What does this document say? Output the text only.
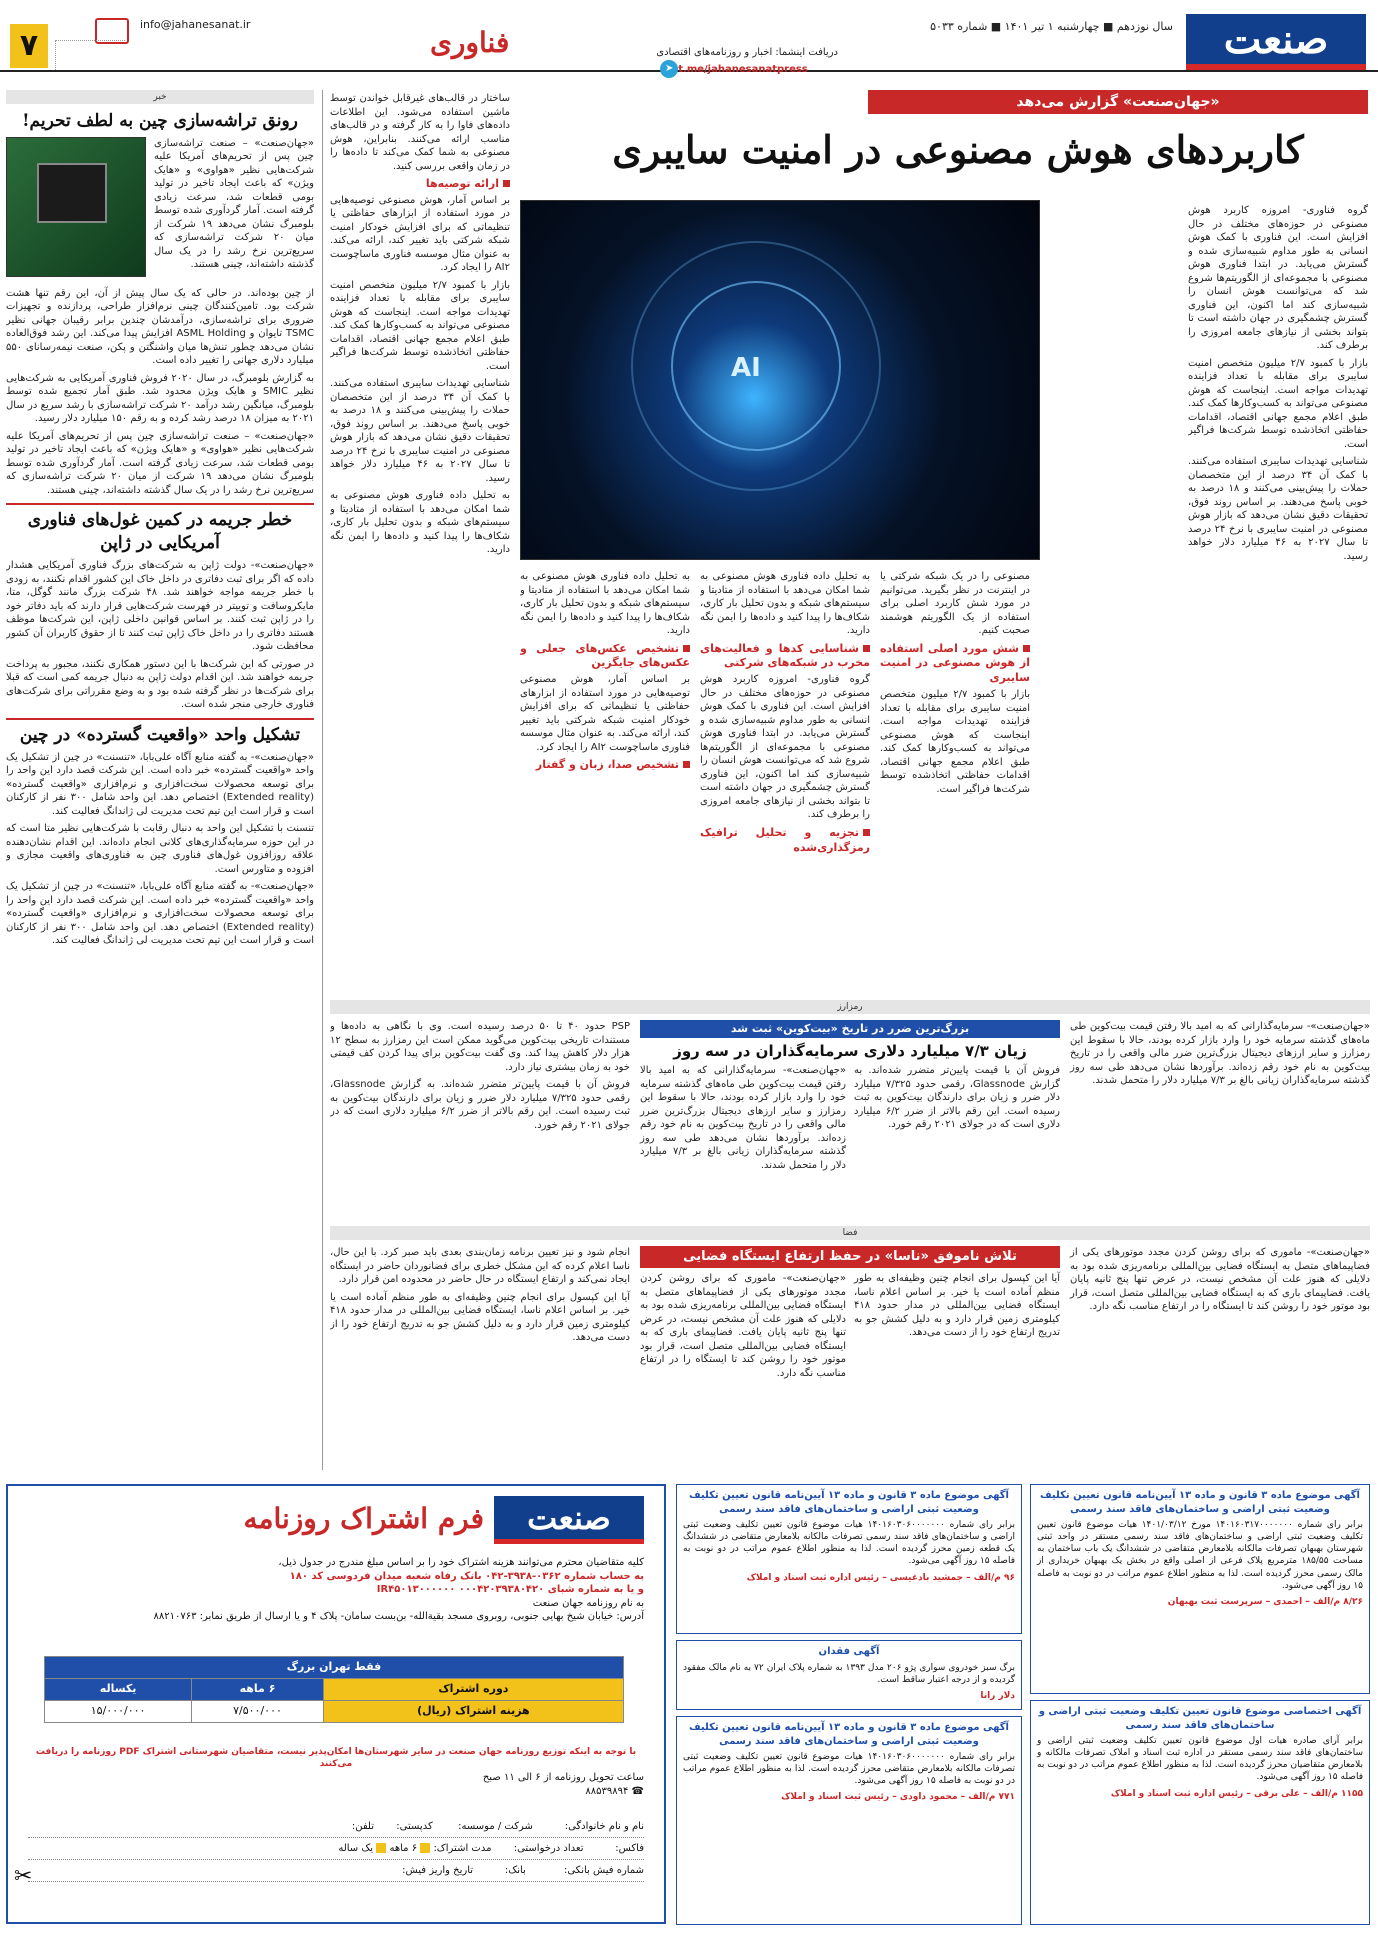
صنعت
سال نوزدهم ■ چهارشنبه ۱ تیر ۱۴۰۱ ■ شماره ۵۰۳۳
دریافت اینشما: اخبار و روزنامه‌های اقتصادی
➤ t.me/jahanesanatpress
فناوری
info@jahanesanat.ir
۷
«جهان‌صنعت» گزارش می‌دهد
کاربردهای هوش مصنوعی در امنیت سایبری
AI

گروه فناوری- امروزه کاربرد هوش مصنوعی در حوزه‌های مختلف در حال افزایش است. این فناوری با کمک هوش انسانی به طور مداوم شبیه‌سازی شده و گسترش می‌یابد. در ابتدا فناوری هوش مصنوعی با مجموعه‌ای از الگوریتم‌ها شروع شد که می‌توانست هوش انسان را شبیه‌سازی کند اما اکنون، این فناوری گسترش چشمگیری در جهان داشته است تا بتواند بخشی از نیازهای جامعه امروزی را برطرف کند.

بازار با کمبود ۲/۷ میلیون متخصص امنیت سایبری برای مقابله با تعداد فزاینده تهدیدات مواجه است. اینجاست که هوش مصنوعی می‌تواند به کسب‌وکارها کمک کند. طبق اعلام مجمع جهانی اقتصاد، اقدامات حفاظتی اتخاذشده توسط شرکت‌ها فراگیر است.

شناسایی تهدیدات سایبری استفاده می‌کنند. با کمک آن ۳۴ درصد از این متخصصان حملات را پیش‌بینی می‌کنند و ۱۸ درصد به خوبی پاسخ می‌دهند. بر اساس روند فوق، تحقیقات دقیق نشان می‌دهد که بازار هوش مصنوعی در امنیت سایبری با نرخ ۲۴ درصد تا سال ۲۰۲۷ به ۴۶ میلیارد دلار خواهد رسید.

مصنوعی را در یک شبکه شرکتی یا در اینترنت در نظر بگیرید. می‌توانیم در مورد شش کاربرد اصلی برای استفاده از یک الگوریتم هوشمند صحبت کنیم.

شش مورد اصلی استفاده از هوش مصنوعی در امنیت سایبری

بازار با کمبود ۲/۷ میلیون متخصص امنیت سایبری برای مقابله با تعداد فزاینده تهدیدات مواجه است. اینجاست که هوش مصنوعی می‌تواند به کسب‌وکارها کمک کند. طبق اعلام مجمع جهانی اقتصاد، اقدامات حفاظتی اتخاذشده توسط شرکت‌ها فراگیر است.

به تحلیل داده فناوری هوش مصنوعی به شما امکان می‌دهد با استفاده از متادیتا و سیستم‌های شبکه و بدون تحلیل بار کاری، شکاف‌ها را پیدا کنید و داده‌ها را ایمن نگه دارید.

شناسایی کدها و فعالیت‌های مخرب در شبکه‌های شرکتی

گروه فناوری- امروزه کاربرد هوش مصنوعی در حوزه‌های مختلف در حال افزایش است. این فناوری با کمک هوش انسانی به طور مداوم شبیه‌سازی شده و گسترش می‌یابد. در ابتدا فناوری هوش مصنوعی با مجموعه‌ای از الگوریتم‌ها شروع شد که می‌توانست هوش انسان را شبیه‌سازی کند اما اکنون، این فناوری گسترش چشمگیری در جهان داشته است تا بتواند بخشی از نیازهای جامعه امروزی را برطرف کند.

تجزیه و تحلیل ترافیک رمزگذاری‌شده

به تحلیل داده فناوری هوش مصنوعی به شما امکان می‌دهد با استفاده از متادیتا و سیستم‌های شبکه و بدون تحلیل بار کاری، شکاف‌ها را پیدا کنید و داده‌ها را ایمن نگه دارید.

تشخیص عکس‌های جعلی و عکس‌های جایگزین

بر اساس آمار، هوش مصنوعی توصیه‌هایی در مورد استفاده از ابزارهای حفاظتی یا تنظیماتی که برای افزایش خودکار امنیت شبکه شرکتی باید تغییر کند، ارائه می‌کند. به عنوان مثال موسسه فناوری ماساچوست AI۲ را ایجاد کرد.

تشخیص صدا، زبان و گفتار

ساختار در قالب‌های غیرقابل خواندن توسط ماشین استفاده می‌شود. این اطلاعات داده‌های فاوا را به کار گرفته و در قالب‌های مناسب ارائه می‌کنند. بنابراین، هوش مصنوعی به شما کمک می‌کند تا داده‌ها را در زمان واقعی بررسی کنید.

ارائه توصیه‌ها

بر اساس آمار، هوش مصنوعی توصیه‌هایی در مورد استفاده از ابزارهای حفاظتی یا تنظیماتی که برای افزایش خودکار امنیت شبکه شرکتی باید تغییر کند، ارائه می‌کند. به عنوان مثال موسسه فناوری ماساچوست AI۲ را ایجاد کرد.

بازار با کمبود ۲/۷ میلیون متخصص امنیت سایبری برای مقابله با تعداد فزاینده تهدیدات مواجه است. اینجاست که هوش مصنوعی می‌تواند به کسب‌وکارها کمک کند. طبق اعلام مجمع جهانی اقتصاد، اقدامات حفاظتی اتخاذشده توسط شرکت‌ها فراگیر است.

شناسایی تهدیدات سایبری استفاده می‌کنند. با کمک آن ۳۴ درصد از این متخصصان حملات را پیش‌بینی می‌کنند و ۱۸ درصد به خوبی پاسخ می‌دهند. بر اساس روند فوق، تحقیقات دقیق نشان می‌دهد که بازار هوش مصنوعی در امنیت سایبری با نرخ ۲۴ درصد تا سال ۲۰۲۷ به ۴۶ میلیارد دلار خواهد رسید.

به تحلیل داده فناوری هوش مصنوعی به شما امکان می‌دهد با استفاده از متادیتا و سیستم‌های شبکه و بدون تحلیل بار کاری، شکاف‌ها را پیدا کنید و داده‌ها را ایمن نگه دارید.

خبر
رونق تراشه‌سازی چین به لطف تحریم!

«جهان‌صنعت» – صنعت تراشه‌سازی چین پس از تحریم‌های آمریکا علیه شرکت‌هایی نظیر «هواوی» و «هایک ویژن» که باعث ایجاد تاخیر در تولید بومی قطعات شد، سرعت زیادی گرفته است. آمار گردآوری شده توسط بلومبرگ نشان می‌دهد ۱۹ شرکت از میان ۲۰ شرکت تراشه‌سازی که سریع‌ترین نرخ رشد را در یک سال گذشته داشته‌اند، چینی هستند.

از چین بوده‌اند. در حالی که یک سال پیش از آن، این رقم تنها هشت شرکت بود. تامین‌کنندگان چینی نرم‌افزار طراحی، پردازنده و تجهیزات ضروری برای تراشه‌سازی، درآمدشان چندین برابر رقیبان جهانی نظیر TSMC تایوان و ASML Holding افزایش پیدا می‌کند. این رشد فوق‌العاده نشان می‌دهد چطور تنش‌ها میان واشنگتن و پکن، صنعت نیمه‌رسانای ۵۵۰ میلیارد دلاری جهانی را تغییر داده است.

به گزارش بلومبرگ، در سال ۲۰۲۰ فروش فناوری آمریکایی به شرکت‌هایی نظیر SMIC و هایک ویژن محدود شد. طبق آمار تجمیع شده توسط بلومبرگ، میانگین رشد درآمد ۲۰ شرکت تراشه‌سازی با رشد سریع در سال ۲۰۲۱ به میزان ۱۸ درصد رشد کرده و به رقم ۱۵۰ میلیارد دلار رسید.

«جهان‌صنعت» – صنعت تراشه‌سازی چین پس از تحریم‌های آمریکا علیه شرکت‌هایی نظیر «هواوی» و «هایک ویژن» که باعث ایجاد تاخیر در تولید بومی قطعات شد، سرعت زیادی گرفته است. آمار گردآوری شده توسط بلومبرگ نشان می‌دهد ۱۹ شرکت از میان ۲۰ شرکت تراشه‌سازی که سریع‌ترین نرخ رشد را در یک سال گذشته داشته‌اند، چینی هستند.

خطر جریمه در کمین غول‌های فناوری آمریکایی در ژاپن

«جهان‌صنعت»- دولت ژاپن به شرکت‌های بزرگ فناوری آمریکایی هشدار داده که اگر برای ثبت دفاتری در داخل خاک این کشور اقدام نکنند، به زودی با خطر جریمه مواجه خواهند شد. ۴۸ شرکت بزرگ مانند گوگل، متا، مایکروسافت و توییتر در فهرست شرکت‌هایی قرار دارند که باید دفاتر خود را در ژاپن ثبت کنند. بر اساس قوانین داخلی ژاپن، این شرکت‌ها موظف هستند دفاتری را در داخل خاک ژاپن ثبت کنند تا از حقوق کاربران آن کشور محافظت شود.

در صورتی که این شرکت‌ها با این دستور همکاری نکنند، مجبور به پرداخت جریمه خواهند شد. این اقدام دولت ژاپن به دنبال جریمه کمی است که قبلا برای شرکت‌ها در نظر گرفته شده بود و به وضع مقرراتی برای شرکت‌های فناوری خارجی منجر شده است.

تشکیل واحد «واقعیت گسترده» در چین

«جهان‌صنعت»- به گفته منابع آگاه علی‌بابا، «تنسنت» در چین از تشکیل یک واحد «واقعیت گسترده» خبر داده است. این شرکت قصد دارد این واحد را برای توسعه محصولات سخت‌افزاری و نرم‌افزاری «واقعیت گسترده» (Extended reality) اختصاص دهد. این واحد شامل ۳۰۰ نفر از کارکنان است و قرار است این تیم تحت مدیریت لی ژاندانگ فعالیت کند.

تنسنت با تشکیل این واحد به دنبال رقابت با شرکت‌هایی نظیر متا است که در این حوزه سرمایه‌گذاری‌های کلانی انجام داده‌اند. این اقدام نشان‌دهنده علاقه روزافزون غول‌های فناوری چین به فناوری‌های واقعیت مجازی و افزوده و متاورس است.

«جهان‌صنعت»- به گفته منابع آگاه علی‌بابا، «تنسنت» در چین از تشکیل یک واحد «واقعیت گسترده» خبر داده است. این شرکت قصد دارد این واحد را برای توسعه محصولات سخت‌افزاری و نرم‌افزاری «واقعیت گسترده» (Extended reality) اختصاص دهد. این واحد شامل ۳۰۰ نفر از کارکنان است و قرار است این تیم تحت مدیریت لی ژاندانگ فعالیت کند.

رمزارز

«جهان‌صنعت»- سرمایه‌گذارانی که به امید بالا رفتن قیمت بیت‌کوین طی ماه‌های گذشته سرمایه خود را وارد بازار کرده بودند، حالا با سقوط این رمزارز و سایر ارزهای دیجیتال بزرگ‌ترین ضرر مالی واقعی را در تاریخ بیت‌کوین به نام خود رقم زده‌اند. برآوردها نشان می‌دهد طی سه روز گذشته سرمایه‌گذاران زیانی بالغ بر ۷/۳ میلیارد دلار را متحمل شدند.

بزرگ‌ترین ضرر در تاریخ «بیت‌کوین» ثبت شد
زیان ۷/۳ میلیارد دلاری سرمایه‌گذاران در سه روز

فروش آن با قیمت پایین‌تر متضرر شده‌اند. به گزارش Glassnode، رقمی حدود ۷/۳۲۵ میلیارد دلار ضرر و زیان برای دارندگان بیت‌کوین به ثبت رسیده است. این رقم بالاتر از ضرر ۶/۲ میلیارد دلاری است که در جولای ۲۰۲۱ رقم خورد.

«جهان‌صنعت»- سرمایه‌گذارانی که به امید بالا رفتن قیمت بیت‌کوین طی ماه‌های گذشته سرمایه خود را وارد بازار کرده بودند، حالا با سقوط این رمزارز و سایر ارزهای دیجیتال بزرگ‌ترین ضرر مالی واقعی را در تاریخ بیت‌کوین به نام خود رقم زده‌اند. برآوردها نشان می‌دهد طی سه روز گذشته سرمایه‌گذاران زیانی بالغ بر ۷/۳ میلیارد دلار را متحمل شدند.

PSP حدود ۴۰ تا ۵۰ درصد رسیده است. وی با نگاهی به داده‌ها و مستندات تاریخی بیت‌کوین می‌گوید ممکن است این رمزارز به سطح ۱۲ هزار دلار کاهش پیدا کند. وی گفت بیت‌کوین برای پیدا کردن کف قیمتی خود به زمان بیشتری نیاز دارد.

فروش آن با قیمت پایین‌تر متضرر شده‌اند. به گزارش Glassnode، رقمی حدود ۷/۳۲۵ میلیارد دلار ضرر و زیان برای دارندگان بیت‌کوین به ثبت رسیده است. این رقم بالاتر از ضرر ۶/۲ میلیارد دلاری است که در جولای ۲۰۲۱ رقم خورد.

فضا

«جهان‌صنعت»- ماموری که برای روشن کردن مجدد موتورهای یکی از فضاپیماهای متصل به ایستگاه فضایی بین‌المللی برنامه‌ریزی شده بود به دلایلی که هنوز علت آن مشخص نیست، در عرض تنها پنج ثانیه پایان یافت. فضاپیمای باری که به ایستگاه فضایی بین‌المللی متصل است، قرار بود موتور خود را روشن کند تا ایستگاه را در ارتفاع مناسب نگه دارد.

تلاش ناموفق «ناسا» در حفظ ارتفاع ایستگاه فضایی

آیا این کپسول برای انجام چنین وظیفه‌ای به طور منظم آماده است یا خیر. بر اساس اعلام ناسا، ایستگاه فضایی بین‌المللی در مدار حدود ۴۱۸ کیلومتری زمین قرار دارد و به دلیل کشش جو به تدریج ارتفاع خود را از دست می‌دهد.

«جهان‌صنعت»- ماموری که برای روشن کردن مجدد موتورهای یکی از فضاپیماهای متصل به ایستگاه فضایی بین‌المللی برنامه‌ریزی شده بود به دلایلی که هنوز علت آن مشخص نیست، در عرض تنها پنج ثانیه پایان یافت. فضاپیمای باری که به ایستگاه فضایی بین‌المللی متصل است، قرار بود موتور خود را روشن کند تا ایستگاه را در ارتفاع مناسب نگه دارد.

انجام شود و نیز تعیین برنامه زمان‌بندی بعدی باید صبر کرد. با این حال، ناسا اعلام کرده که این مشکل خطری برای فضانوردان حاضر در ایستگاه ایجاد نمی‌کند و ارتفاع ایستگاه در حال حاضر در محدوده امن قرار دارد.

آیا این کپسول برای انجام چنین وظیفه‌ای به طور منظم آماده است یا خیر. بر اساس اعلام ناسا، ایستگاه فضایی بین‌المللی در مدار حدود ۴۱۸ کیلومتری زمین قرار دارد و به دلیل کشش جو به تدریج ارتفاع خود را از دست می‌دهد.

صنعت
فرم اشتراک روزنامه
کلیه متقاضیان محترم می‌توانند هزینه اشتراک خود را بر اساس مبلغ مندرج در جدول ذیل،
به حساب شماره ۰۳۶۲-۳۹۳۸-۰۴۲ بانک رفاه شعبه میدان فردوسی کد ۱۸۰
و یا به شماره شبای ۰۰۰۴۲۰۳۹۳۸۰۴۲۰ IR۴۵۰۱۳۰۰۰۰۰۰
به نام روزنامه جهان صنعت
آدرس: خیابان شیخ بهایی جنوبی، روبروی مسجد بقیةالله- بن‌بست سامان- پلاک ۴ و یا ارسال از طریق نمابر: ۸۸۲۱۰۷۶۳
فقط تهران بزرگ		
دوره اشتراک	۶ ماهه	یکساله
هزینه اشتراک (ریال)	۷/۵۰۰/۰۰۰	۱۵/۰۰۰/۰۰۰
با توجه به اینکه توزیع روزنامه جهان صنعت در سایر شهرستان‌ها امکان‌پذیر نیست، متقاضیان شهرستانی اشتراک PDF روزنامه را دریافت می‌کنند
ساعت تحویل روزنامه از ۶ الی ۱۱ صبح
☎ ۸۸۵۳۹۸۹۴
نام و نام خانوادگی:          شرکت / موسسه:        کدپستی:       تلفن:
فاکس:          تعداد درخواستی:       مدت اشتراک:  ۶ ماهه  یک ساله
شماره فیش بانکی:            بانک:          تاریخ واریز فیش:
✂
آگهی موضوع ماده ۳ قانون و ماده ۱۳ آیین‌نامه قانون تعیین تکلیف وضعیت ثبتی اراضی و ساختمان‌های فاقد سند رسمی
برابر رای شماره ۱۴۰۱۶۰۳۱۷۰۰۰۰۰۰۰ مورخ ۱۴۰۱/۰۳/۱۲ هیات موضوع قانون تعیین تکلیف وضعیت ثبتی اراضی و ساختمان‌های فاقد سند رسمی مستقر در واحد ثبتی شهرستان بهبهان تصرفات مالکانه بلامعارض متقاضی در ششدانگ یک باب ساختمان به مساحت ۱۸۵/۵۵ مترمربع پلاک فرعی از اصلی واقع در بخش یک بهبهان خریداری از مالک رسمی محرز گردیده است. لذا به منظور اطلاع عموم مراتب در دو نوبت به فاصله ۱۵ روز آگهی می‌شود.
۸/۲۶ م/الف – احمدی – سرپرست ثبت بهبهان
آگهی اختصاصی موضوع قانون تعیین تکلیف وضعیت ثبتی اراضی و ساختمان‌های فاقد سند رسمی
برابر آرای صادره هیات اول موضوع قانون تعیین تکلیف وضعیت ثبتی اراضی و ساختمان‌های فاقد سند رسمی مستقر در اداره ثبت اسناد و املاک تصرفات مالکانه و بلامعارض متقاضیان محرز گردیده است. لذا به منظور اطلاع عموم مراتب در دو نوبت به فاصله ۱۵ روز آگهی می‌شود.
۱۱۵۵ م/الف – علی برقی – رئیس اداره ثبت اسناد و املاک
آگهی موضوع ماده ۳ قانون و ماده ۱۳ آیین‌نامه قانون تعیین تکلیف وضعیت ثبتی اراضی و ساختمان‌های فاقد سند رسمی
برابر رای شماره ۱۴۰۱۶۰۳۰۶۰۰۰۰۰۰۰ هیات موضوع قانون تعیین تکلیف وضعیت ثبتی اراضی و ساختمان‌های فاقد سند رسمی تصرفات مالکانه بلامعارض متقاضی در ششدانگ یک قطعه زمین محرز گردیده است. لذا به منظور اطلاع عموم مراتب در دو نوبت به فاصله ۱۵ روز آگهی می‌شود.
۹۶ م/الف – جمشید بادغیسی – رئیس اداره ثبت اسناد و املاک
آگهی فقدان
برگ سبز خودروی سواری پژو ۲۰۶ مدل ۱۳۹۳ به شماره پلاک ایران ۷۲ به نام مالک مفقود گردیده و از درجه اعتبار ساقط است.
دلار رانا
آگهی موضوع ماده ۳ قانون و ماده ۱۳ آیین‌نامه قانون تعیین تکلیف وضعیت ثبتی اراضی و ساختمان‌های فاقد سند رسمی
برابر رای شماره ۱۴۰۱۶۰۳۰۶۰۰۰۰۰۰۰ هیات موضوع قانون تعیین تکلیف وضعیت ثبتی تصرفات مالکانه بلامعارض متقاضی محرز گردیده است. لذا به منظور اطلاع عموم مراتب در دو نوبت به فاصله ۱۵ روز آگهی می‌شود.
۷۷۱ م/الف – محمود داودی – رئیس ثبت اسناد و املاک
